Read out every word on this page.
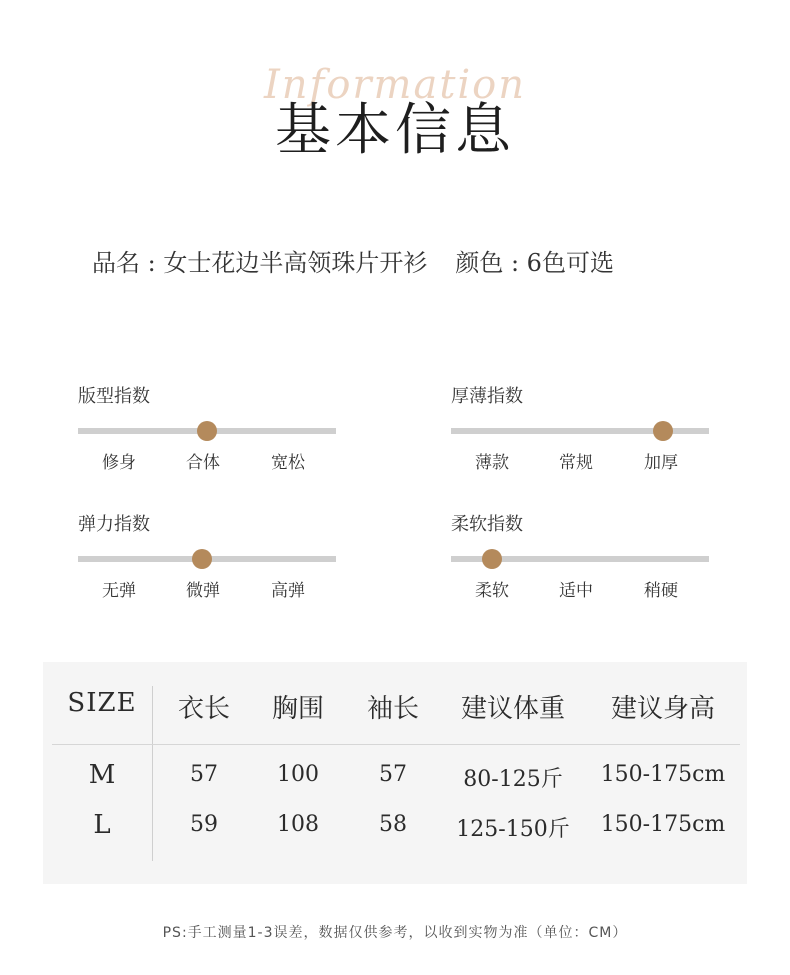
Information
基本信息
品名 : 女士花边半高领珠片开衫 颜色 : 6色可选
版型指数
修身	合体	宽松
厚薄指数
薄款	常规	加厚
弹力指数
无弹	微弹	高弹
柔软指数
柔软	适中	稍硬
SIZE	衣长	胸围	袖长	建议体重	建议身高
M	57	100	57	80-125斤	150-175cm
L	59	108	58	125-150斤	150-175cm
PS:手工测量1-3误差，数据仅供参考，以收到实物为准（单位：CM）
